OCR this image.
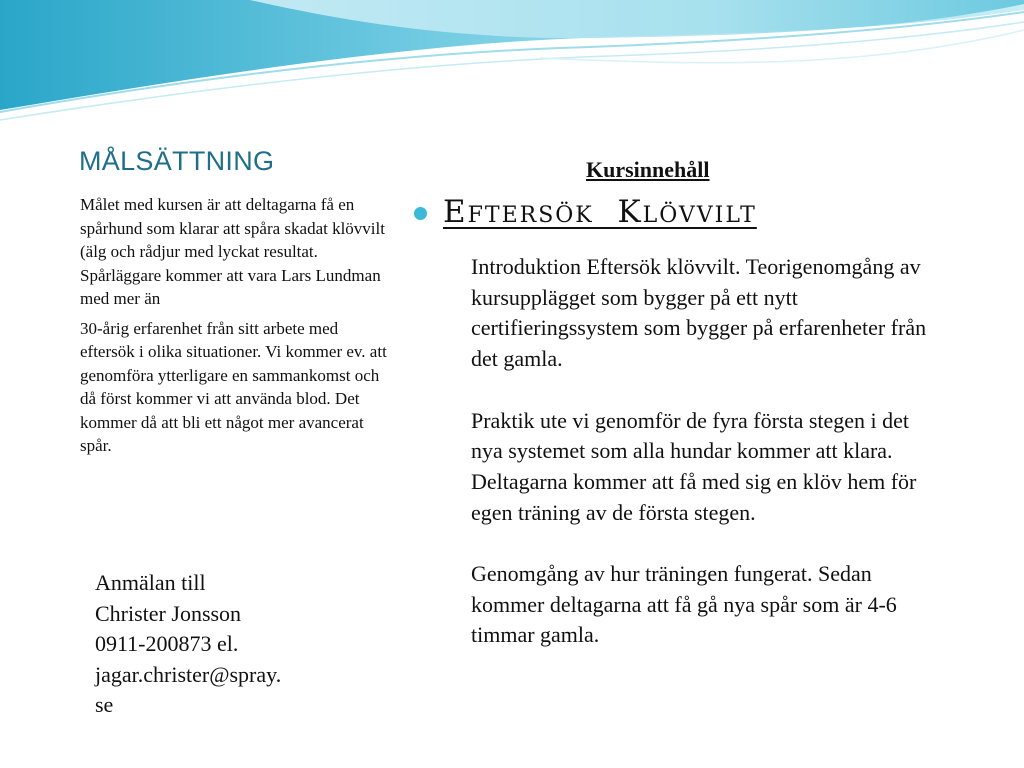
MÅLSÄTTNING

Målet med kursen är att deltagarna få en spårhund som klarar att spåra skadat klövvilt (älg och rådjur med lyckat resultat. Spårläggare kommer att vara Lars Lundman med mer än

30-årig erfarenhet från sitt arbete med eftersök i olika situationer. Vi kommer ev. att genomföra ytterligare en sammankomst och då först kommer vi att använda blod. Det kommer då att bli ett något mer avancerat spår.

Anmälan till
Christer Jonsson
0911-200873 el.
jagar.christer@spray.
se
Kursinnehåll
Eftersök  Klövvilt

Introduktion Eftersök klövvilt. Teorigenomgång av kursupplägget som bygger på ett nytt certifieringssystem som bygger på erfarenheter från det gamla.

Praktik ute vi genomför de fyra första stegen i det nya systemet som alla hundar kommer att klara. Deltagarna kommer att få med sig en klöv hem för egen träning av de första stegen.

Genomgång av hur träningen fungerat. Sedan kommer deltagarna att få gå nya spår som är 4-6 timmar gamla.
